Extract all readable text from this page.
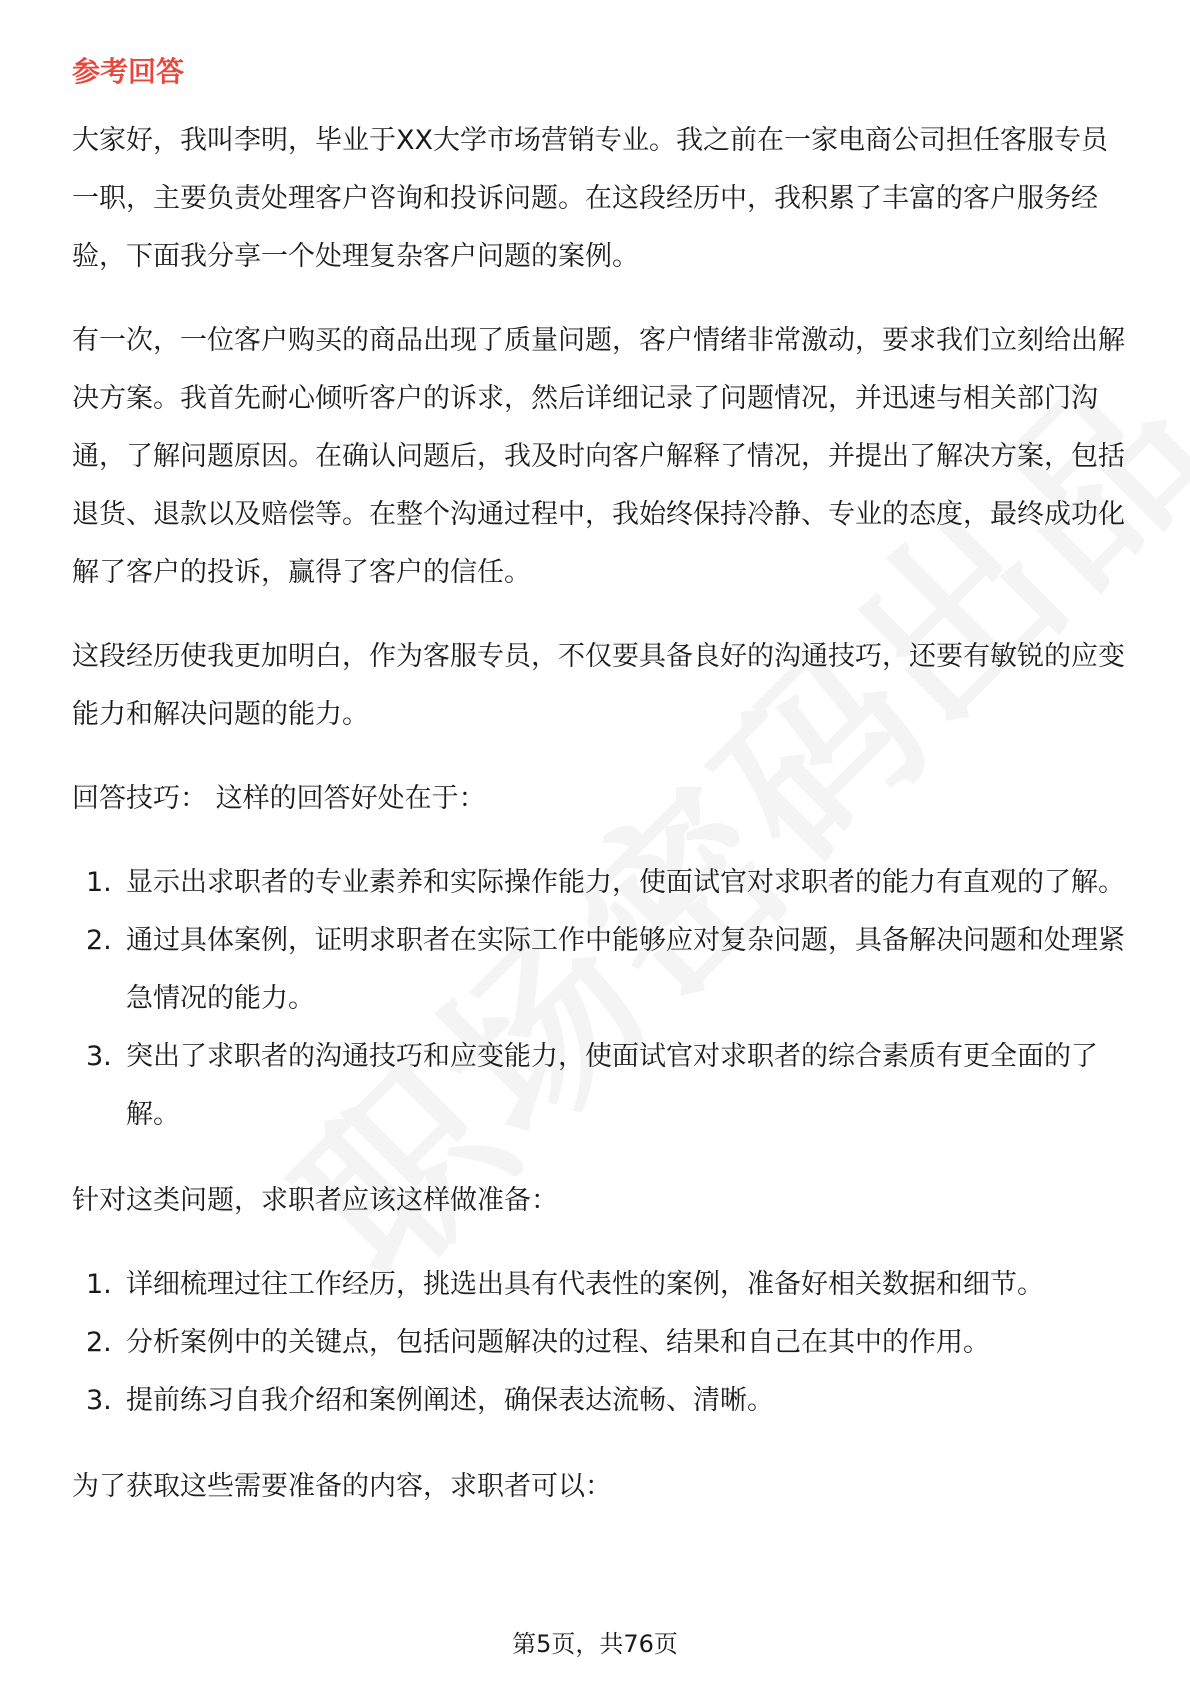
参考回答

大家好，我叫李明，毕业于XX大学市场营销专业。我之前在一家电商公司担任客服专员一职，主要负责处理客户咨询和投诉问题。在这段经历中，我积累了丰富的客户服务经验，下面我分享一个处理复杂客户问题的案例。

有一次，一位客户购买的商品出现了质量问题，客户情绪非常激动，要求我们立刻给出解决方案。我首先耐心倾听客户的诉求，然后详细记录了问题情况，并迅速与相关部门沟通，了解问题原因。在确认问题后，我及时向客户解释了情况，并提出了解决方案，包括退货、退款以及赔偿等。在整个沟通过程中，我始终保持冷静、专业的态度，最终成功化解了客户的投诉，赢得了客户的信任。

这段经历使我更加明白，作为客服专员，不仅要具备良好的沟通技巧，还要有敏锐的应变能力和解决问题的能力。

回答技巧： 这样的回答好处在于：

1. 显示出求职者的专业素养和实际操作能力，使面试官对求职者的能力有直观的了解。
2. 通过具体案例，证明求职者在实际工作中能够应对复杂问题，具备解决问题和处理紧急情况的能力。
3. 突出了求职者的沟通技巧和应变能力，使面试官对求职者的综合素质有更全面的了解。

针对这类问题，求职者应该这样做准备：

1. 详细梳理过往工作经历，挑选出具有代表性的案例，准备好相关数据和细节。
2. 分析案例中的关键点，包括问题解决的过程、结果和自己在其中的作用。
3. 提前练习自我介绍和案例阐述，确保表达流畅、清晰。

为了获取这些需要准备的内容，求职者可以：

第5页，共76页
